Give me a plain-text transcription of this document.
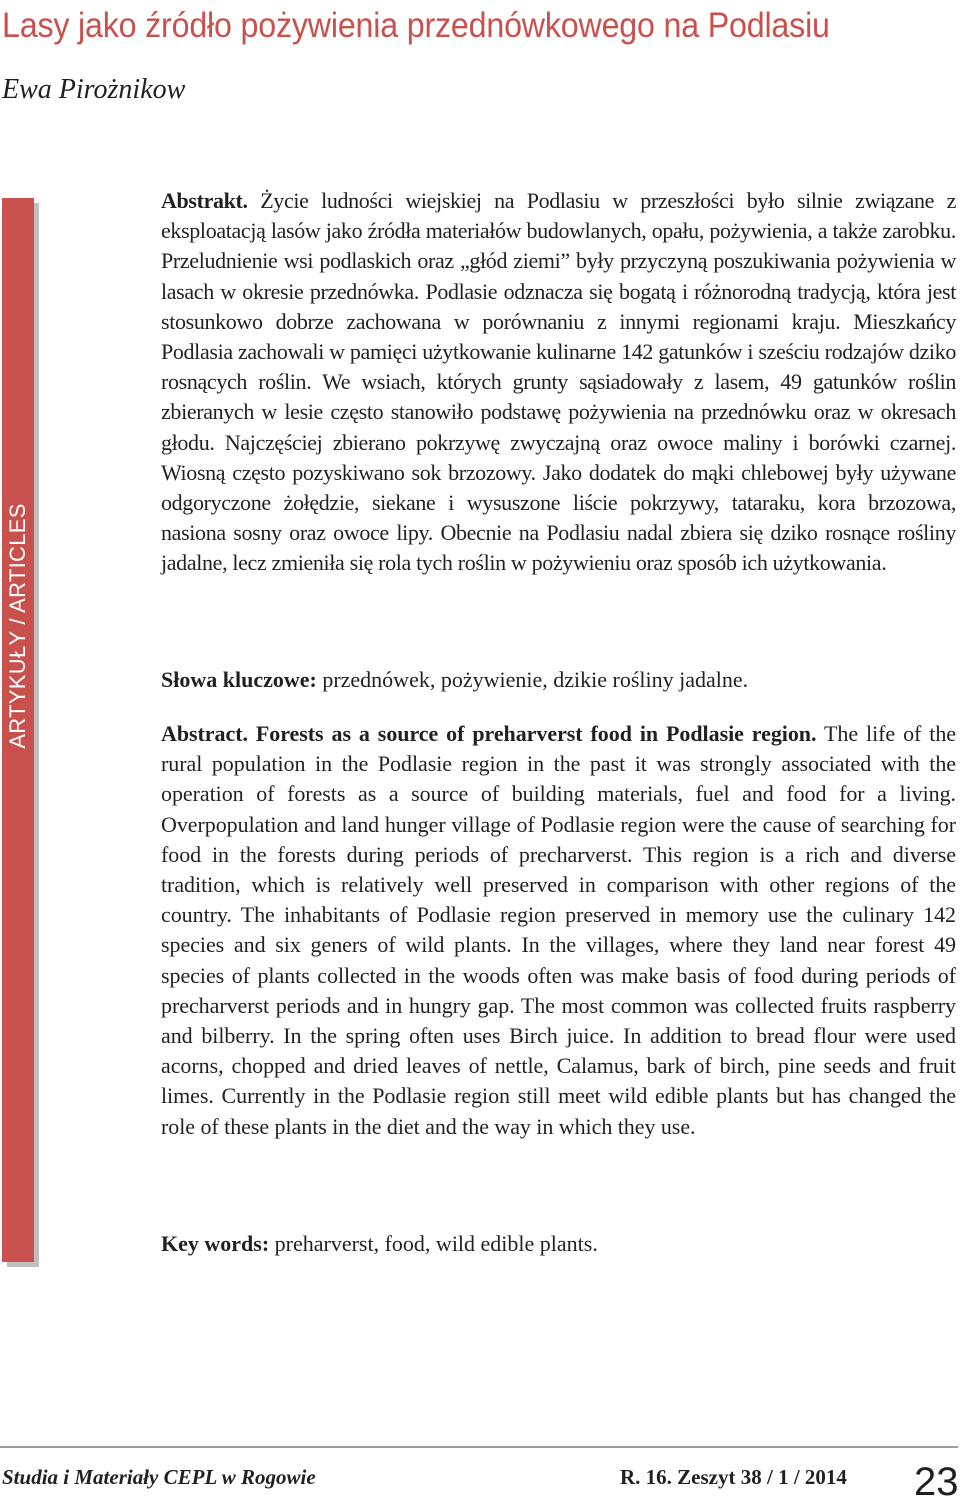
Lasy jako źródło pożywienia przednówkowego na Podlasiu
Ewa Pirożnikow
ARTYKUŁY / ARTICLES
Abstrakt. Życie ludności wiejskiej na Podlasiu w przeszłości było silnie związane z eksploatacją lasów jako źródła materiałów budowlanych, opału, pożywienia, a także zarobku. Przeludnienie wsi podlaskich oraz „głód ziemi” były przyczyną poszukiwania pożywienia w lasach w okresie przednówka. Podlasie odznacza się bogatą i różnorodną tradycją, która jest stosunkowo dobrze zachowana w porównaniu z innymi regionami kraju. Mieszkańcy Podlasia zachowali w pamięci użytkowanie kulinarne 142 gatunków i sześciu rodzajów dziko rosnących roślin. We wsiach, których grunty sąsiadowały z lasem, 49 gatunków roślin zbieranych w lesie często stanowiło podstawę pożywienia na przednówku oraz w okresach głodu. Najczęściej zbierano pokrzywę zwyczajną oraz owoce maliny i borówki czarnej. Wiosną często pozyskiwano sok brzozowy. Jako dodatek do mąki chlebowej były używane odgoryczone żołędzie, siekane i wysuszone liście pokrzywy, tataraku, kora brzozowa, nasiona sosny oraz owoce lipy. Obecnie na Podlasiu nadal zbiera się dziko rosnące rośliny jadalne, lecz zmieniła się rola tych roślin w pożywieniu oraz sposób ich użytkowania.
Słowa kluczowe: przednówek, pożywienie, dzikie rośliny jadalne.
Abstract. Forests as a source of preharverst food in Podlasie region. The life of the rural population in the Podlasie region in the past it was strongly associated with the operation of forests as a source of building materials, fuel and food for a living. Overpopulation and land hunger village of Podlasie region were the cause of searching for food in the forests during periods of precharverst. This region is a rich and diverse tradition, which is relatively well preserved in comparison with other regions of the country. The inhabitants of Podlasie region preserved in memory use the culinary 142 species and six geners of wild plants. In the villages, where they land near forest 49 species of plants collected in the woods often was make basis of food during periods of precharverst periods and in hungry gap. The most common was collected fruits raspberry and bilberry. In the spring often uses Birch juice. In addition to bread flour were used acorns, chopped and dried leaves of nettle, Calamus, bark of birch, pine seeds and fruit limes. Currently in the Podlasie region still meet wild edible plants but has changed the role of these plants in the diet and the way in which they use.
Key words: preharverst, food, wild edible plants.
Studia i Materiały CEPL w Rogowie	R. 16. Zeszyt 38 / 1 / 2014 23
